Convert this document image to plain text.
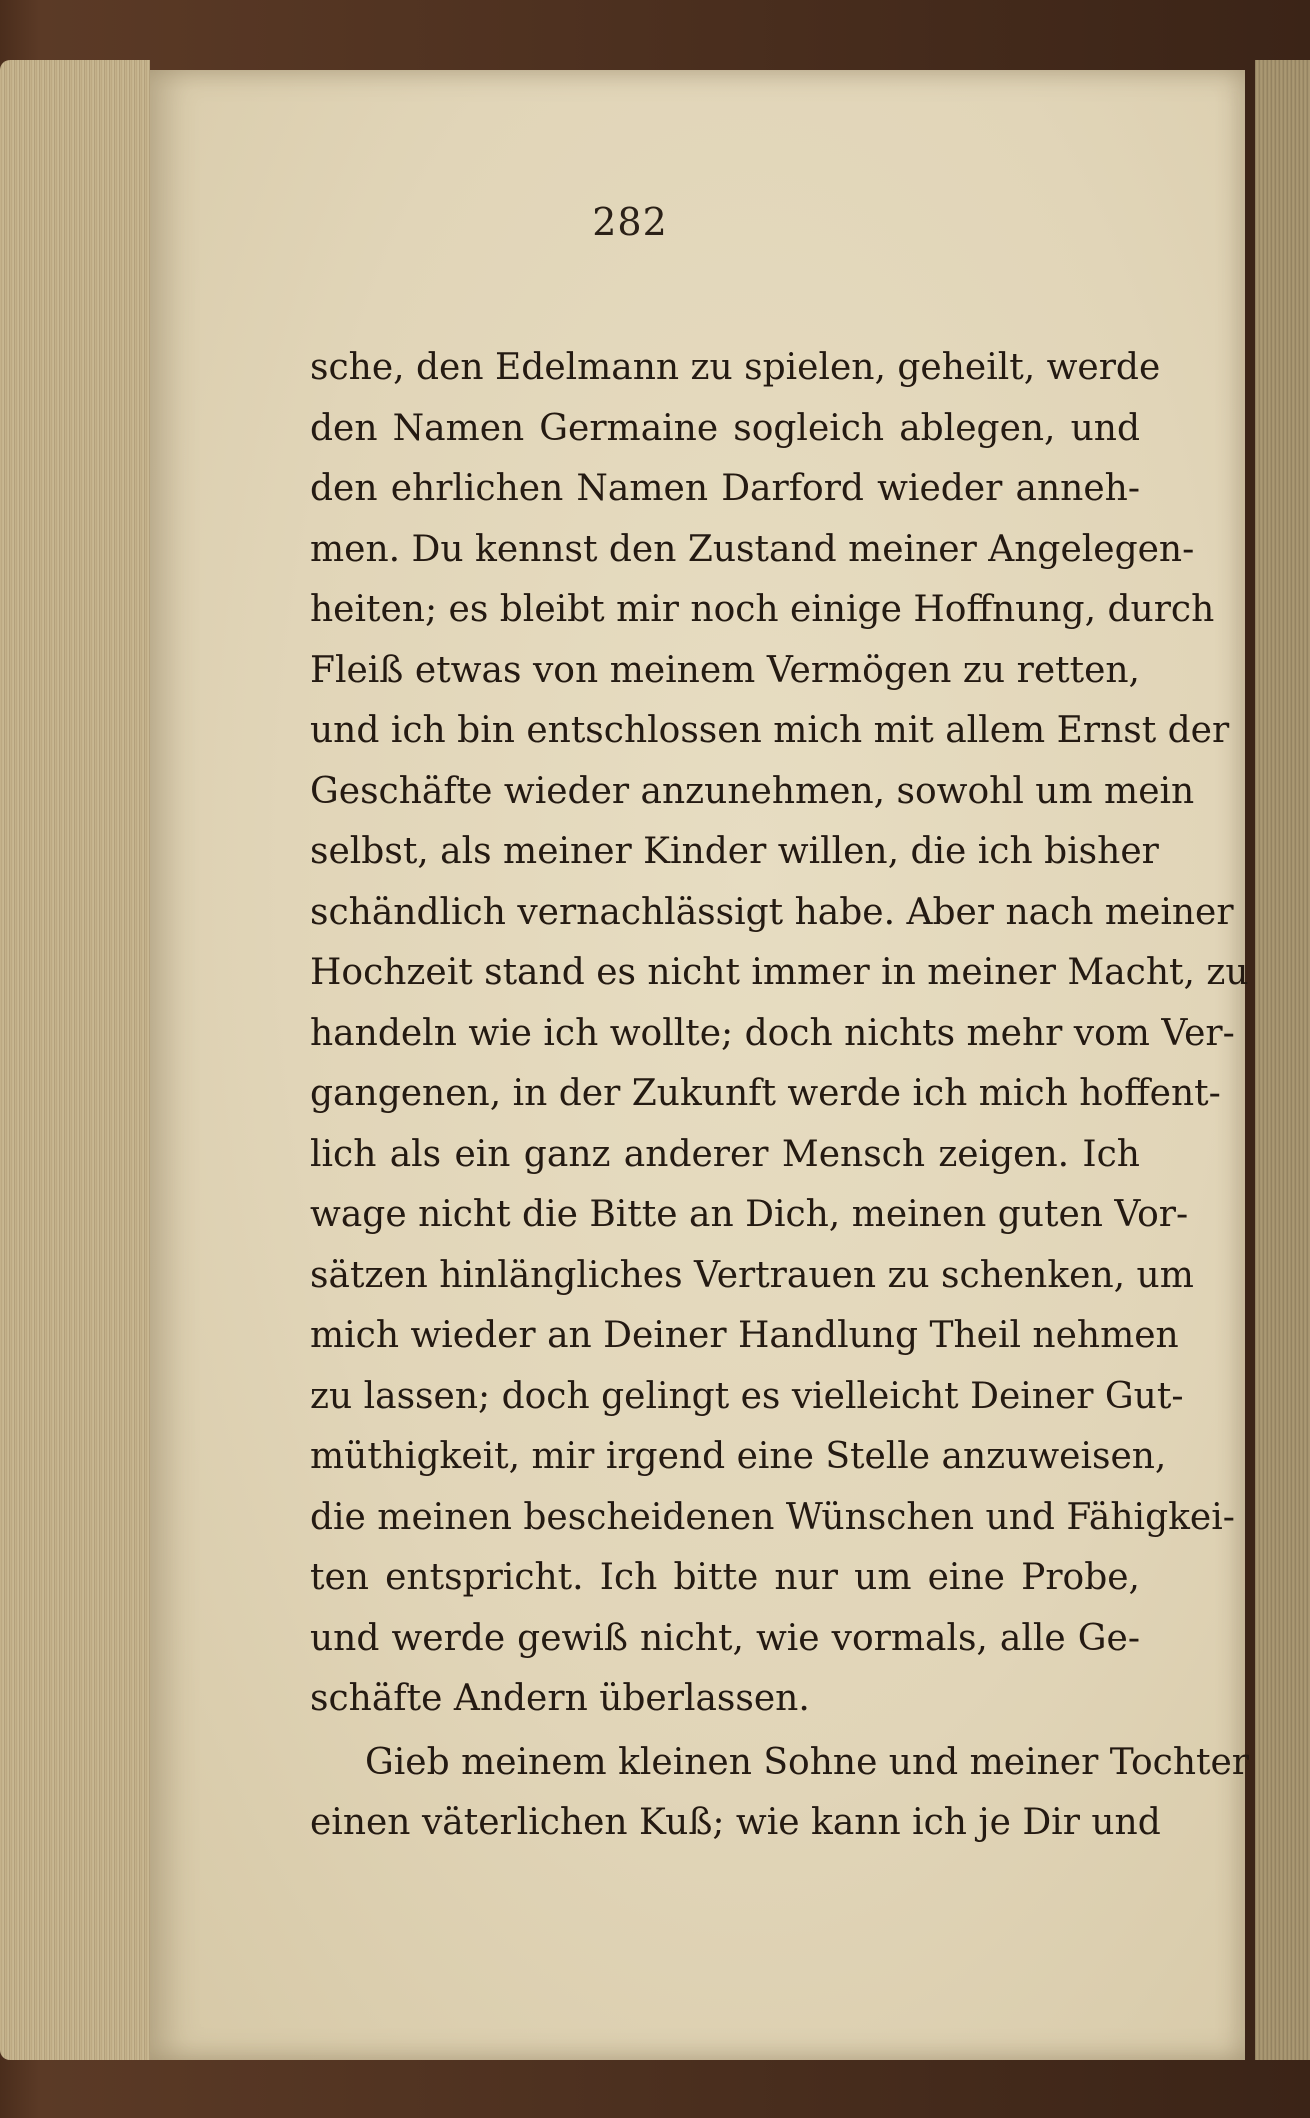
282
sche, den Edelmann zu spielen, geheilt, werde
den Namen Germaine sogleich ablegen, und
den ehrlichen Namen Darford wieder anneh-
men. Du kennst den Zustand meiner Angelegen-
heiten; es bleibt mir noch einige Hoffnung, durch
Fleiß etwas von meinem Vermögen zu retten,
und ich bin entschlossen mich mit allem Ernst der
Geschäfte wieder anzunehmen, sowohl um mein
selbst, als meiner Kinder willen, die ich bisher
schändlich vernachlässigt habe. Aber nach meiner
Hochzeit stand es nicht immer in meiner Macht, zu
handeln wie ich wollte; doch nichts mehr vom Ver-
gangenen, in der Zukunft werde ich mich hoffent-
lich als ein ganz anderer Mensch zeigen. Ich
wage nicht die Bitte an Dich, meinen guten Vor-
sätzen hinlängliches Vertrauen zu schenken, um
mich wieder an Deiner Handlung Theil nehmen
zu lassen; doch gelingt es vielleicht Deiner Gut-
müthigkeit, mir irgend eine Stelle anzuweisen,
die meinen bescheidenen Wünschen und Fähigkei-
ten entspricht. Ich bitte nur um eine Probe,
und werde gewiß nicht, wie vormals, alle Ge-
schäfte Andern überlassen.
Gieb meinem kleinen Sohne und meiner Tochter
einen väterlichen Kuß; wie kann ich je Dir und
